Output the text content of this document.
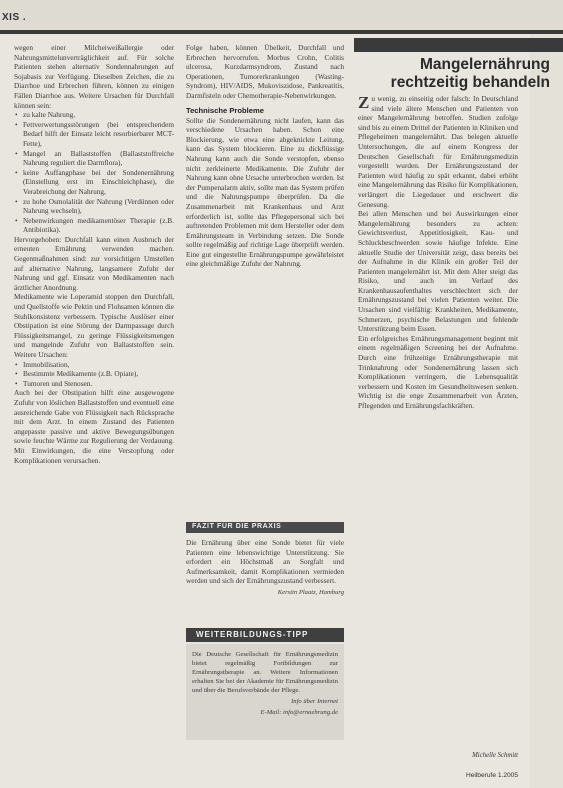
XIS .

wegen einer Milcheiweißallergie oder Nahrungsmittelunverträglichkeit auf. Für solche Patienten stehen alternativ Sondennahrungen auf Sojabasis zur Verfügung. Dieselben Zeichen, die zu Diarrhoe und Erbrechen führen, können zu einigen Fällen Diarrhoe aus. Weitere Ursachen für Durchfall können sein:

• zu kalte Nahrung,
• Fettverwertungsstörungen (bei entsprechendem Bedarf hilft der Einsatz leicht resorbierbarer MCT-Fette),
• Mangel an Ballaststoffen (Ballaststoffreiche Nahrung reguliert die Darmflora),
• keine Auffangphase bei der Sondenernährung (Einstellung erst im Einschleichphase), die Verabreichung der Nahrung,
• zu hohe Osmolalität der Nahrung (Verdünnen oder Nahrung wechseln),
• Nebenwirkungen medikamentöser Therapie (z.B. Antibiotika).

Hervorgehoben: Durchfall kann einen Ausbruch der erneuten Ernährung verwenden machen. Gegenmaßnahmen sind: zur vorsichtigen Umstellen auf alternative Nahrung, langsamere Zufuhr der Nahrung und ggf. Einsatz von Medikamenten nach ärztlicher Anordnung.

Medikamente wie Loperamid stoppen den Durchfall, und Quellstoffe wie Pektin und Flohsamen können die Stuhlkonsistenz verbessern. Typische Auslöser einer Obstipation ist eine Störung der Darmpassage durch Flüssigkeitsmangel, zu geringe Flüssigkeitsmengen und mangelnde Zufuhr von Ballaststoffen sein. Weitere Ursachen:

• Immobilisation,
• Bestimmte Medikamente (z.B. Opiate),
• Tumoren und Stenosen.

Auch bei der Obstipation hilft eine ausgewogene Zufuhr von löslichen Ballaststoffen und eventuell eine ausreichende Gabe von Flüssigkeit nach Rücksprache mit dem Arzt. In einem Zustand des Patienten angepasste passive und aktive Bewegungsübungen sowie feuchte Wärme zur Regulierung der Verdauung. Mit Einwirkungen, die eine Verstopfung oder Komplikationen verursachen.

Folge haben, können Übelkeit, Durchfall und Erbrechen hervorrufen. Morbus Crohn, Colitis ulcerosa, Kurzdarmsyndrom, Zustand nach Operationen, Tumorerkrankungen (Wasting-Syndrom), HIV/AIDS, Mukoviszidose, Pankreatitis, Darmfisteln oder Chemotherapie-Nebenwirkungen.

Technische Probleme

Sollte die Sondenernährung nicht laufen, kann das verschiedene Ursachen haben. Schon eine Blockierung, wie etwa eine abgeknickte Leitung, kann das System blockieren. Eine zu dickflüssige Nahrung kann auch die Sonde verstopfen, ebenso nicht zerkleinerte Medikamente. Die Zufuhr der Nahrung kann ohne Ursache unterbrochen werden. Ist der Pumpenalarm aktiv, sollte man das System prüfen und die Nahrungspumpe überprüfen. Da die Zusammenarbeit mit Krankenhaus und Arzt erforderlich ist, sollte das Pflegepersonal sich bei auftretenden Problemen mit dem Hersteller oder dem Ernährungsteam in Verbindung setzen. Die Sonde sollte regelmäßig auf richtige Lage überprüft werden. Eine gut eingestellte Ernährungspumpe gewährleistet eine gleichmäßige Zufuhr der Nahrung.

FAZIT FÜR DIE PRAXIS

Die Ernährung über eine Sonde bietet für viele Patienten eine lebenswichtige Unterstützung. Sie erfordert ein Höchstmaß an Sorgfalt und Aufmerksamkeit, damit Komplikationen vermieden werden und sich der Ernährungszustand verbessert.

Kerstin Plaatz, Hamburg
WEITERBILDUNGS-TIPP

Die Deutsche Gesellschaft für Ernährungsmedizin bietet regelmäßig Fortbildungen zur Ernährungstherapie an. Weitere Informationen erhalten Sie bei der Akademie für Ernährungsmedizin und über die Berufsverbände der Pflege.

Info über Internet
E-Mail: info@ernaehrung.de
Mangelernährung
rechtzeitig behandeln

Zu wenig, zu einseitig oder falsch: In Deutschland sind viele ältere Menschen und Patienten von einer Mangelernährung betroffen. Studien zufolge sind bis zu einem Drittel der Patienten in Kliniken und Pflegeheimen mangelernährt. Das belegen aktuelle Untersuchungen, die auf einem Kongress der Deutschen Gesellschaft für Ernährungsmedizin vorgestellt wurden. Der Ernährungszustand der Patienten wird häufig zu spät erkannt, dabei erhöht eine Mangelernährung das Risiko für Komplikationen, verlängert die Liegedauer und erschwert die Genesung.

Bei allen Menschen und bei Auswirkungen einer Mangelernährung besonders zu achten: Gewichtsverlust, Appetitlosigkeit, Kau- und Schluckbeschwerden sowie häufige Infekte. Eine aktuelle Studie der Universität zeigt, dass bereits bei der Aufnahme in die Klinik ein großer Teil der Patienten mangelernährt ist. Mit dem Alter steigt das Risiko, und auch im Verlauf des Krankenhausaufenthaltes verschlechtert sich der Ernährungszustand bei vielen Patienten weiter. Die Ursachen sind vielfältig: Krankheiten, Medikamente, Schmerzen, psychische Belastungen und fehlende Unterstützung beim Essen.

Ein erfolgreiches Ernährungsmanagement beginnt mit einem regelmäßigen Screening bei der Aufnahme. Durch eine frühzeitige Ernährungstherapie mit Trinknahrung oder Sondenernährung lassen sich Komplikationen verringern, die Lebensqualität verbessern und Kosten im Gesundheitswesen senken. Wichtig ist die enge Zusammenarbeit von Ärzten, Pflegenden und Ernährungsfachkräften.

Michelle Schmitt
Heilberufe 1.2005
